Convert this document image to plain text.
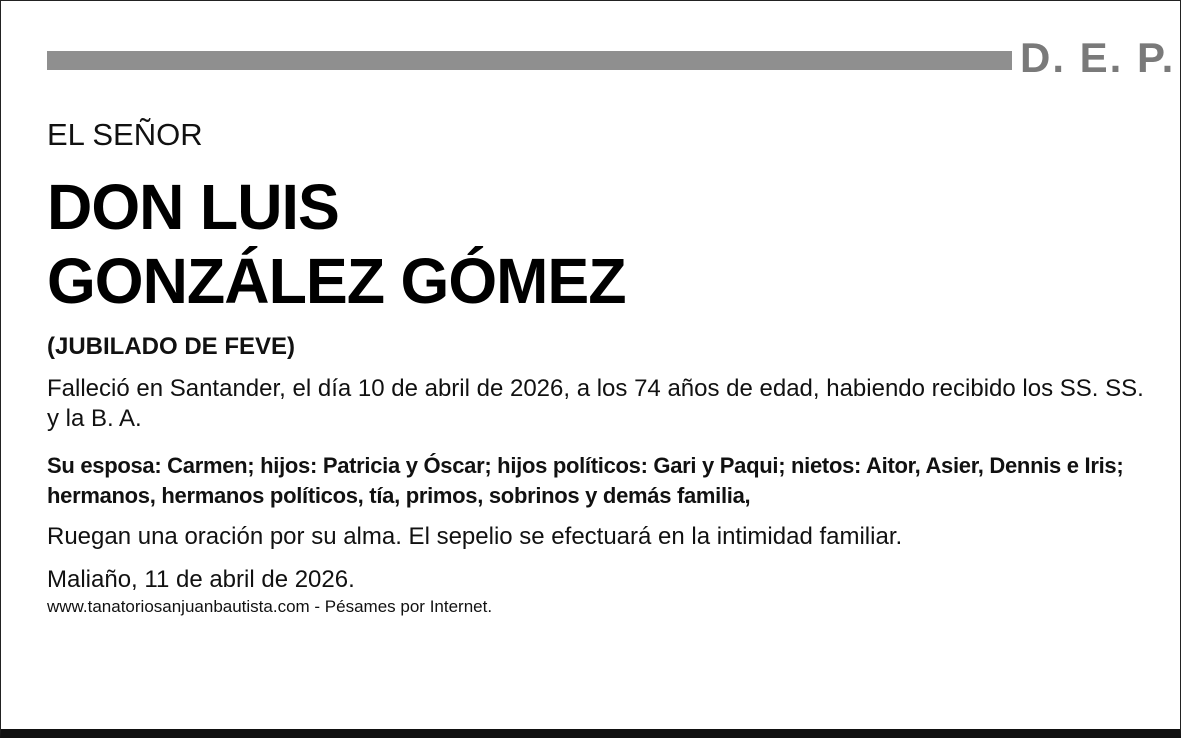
D. E. P.
EL SEÑOR
DON LUIS
GONZÁLEZ GÓMEZ
(JUBILADO DE FEVE)
Falleció en Santander, el día 10 de abril de 2026, a los 74 años de edad, habiendo recibido los SS. SS. y la B. A.
Su esposa: Carmen; hijos: Patricia y Óscar; hijos políticos: Gari y Paqui; nietos: Aitor, Asier, Dennis e Iris; hermanos, hermanos políticos, tía, primos, sobrinos y demás familia,
Ruegan una oración por su alma. El sepelio se efectuará en la intimidad familiar.
Maliaño, 11 de abril de 2026.
www.tanatoriosanjuanbautista.com - Pésames por Internet.
